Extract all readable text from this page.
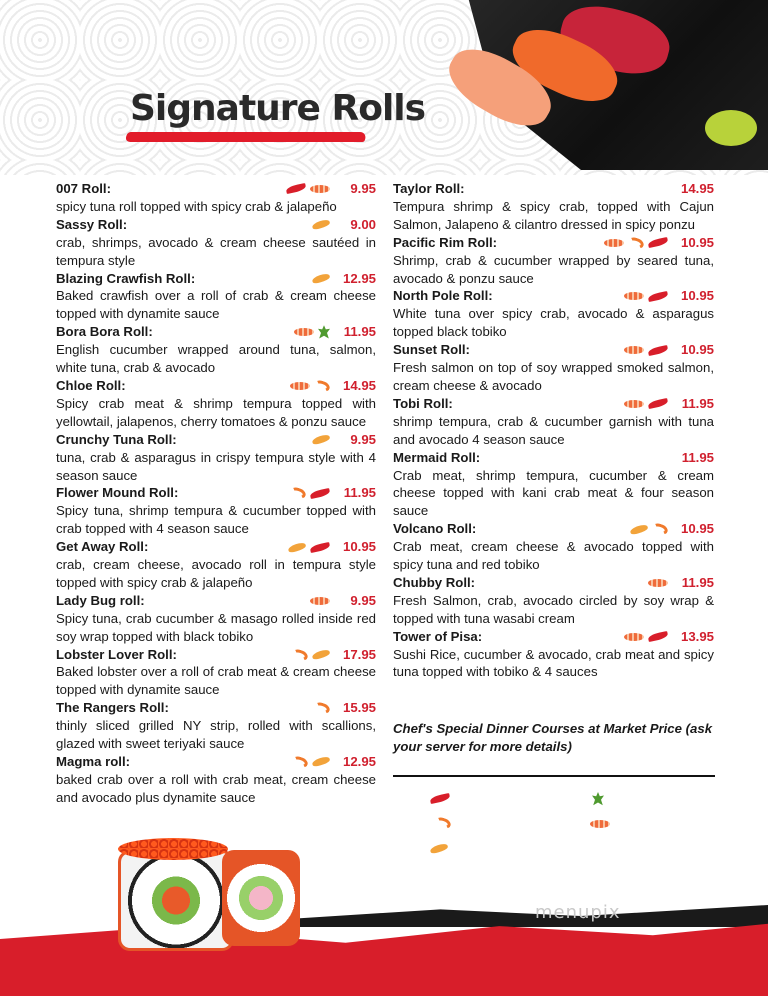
Signature Rolls
007 Roll:	9.95
spicy tuna roll topped with spicy crab & jalapeño
Sassy Roll:	9.00
crab, shrimps, avocado & cream cheese sautéed in tempura style
Blazing Crawfish Roll:	12.95
Baked crawfish over a roll of crab & cream cheese topped with dynamite sauce
Bora Bora Roll:	11.95
English cucumber wrapped around tuna, salmon, white tuna, crab & avocado
Chloe Roll:	14.95
Spicy crab meat & shrimp tempura topped with yellowtail, jalapenos, cherry tomatoes & ponzu sauce
Crunchy Tuna Roll:	9.95
tuna, crab & asparagus in crispy tempura style with 4 season sauce
Flower Mound Roll:	11.95
Spicy tuna, shrimp tempura & cucumber topped with crab topped with 4 season sauce
Get Away Roll:	10.95
crab, cream cheese, avocado roll in tempura style topped with spicy crab & jalapeño
Lady Bug roll:	9.95
Spicy tuna, crab cucumber & masago rolled inside red soy wrap topped with black tobiko
Lobster Lover Roll:	17.95
Baked lobster over a roll of crab meat & cream cheese topped with dynamite sauce
The Rangers Roll:	15.95
thinly sliced grilled NY strip, rolled with scallions, glazed with sweet teriyaki sauce
Magma roll:	12.95
baked crab over a roll with crab meat, cream cheese and avocado plus dynamite sauce
Taylor Roll:	14.95
Tempura shrimp & spicy crab, topped with Cajun Salmon, Jalapeno & cilantro dressed in spicy ponzu
Pacific Rim Roll:	10.95
Shrimp, crab & cucumber wrapped by seared tuna, avocado & ponzu sauce
North Pole Roll:	10.95
White tuna over spicy crab, avocado & asparagus topped black tobiko
Sunset Roll:	10.95
Fresh salmon on top of soy wrapped smoked salmon, cream cheese & avocado
Tobi Roll:	11.95
shrimp tempura, crab & cucumber garnish with tuna and avocado 4 season sauce
Mermaid Roll:	11.95
Crab meat, shrimp tempura, cucumber & cream cheese topped with kani crab meat & four season sauce
Volcano Roll:	10.95
Crab meat, cream cheese & avocado topped with spicy tuna and red tobiko
Chubby Roll:	11.95
Fresh Salmon, crab, avocado circled by soy wrap & topped with tuna wasabi cream
Tower of Pisa:	13.95
Sushi Rice, cucumber & avocado, crab meat and spicy tuna topped with tobiko & 4 sauces
Chef's Special Dinner Courses at Market Price (ask your server for more details)
menupix
